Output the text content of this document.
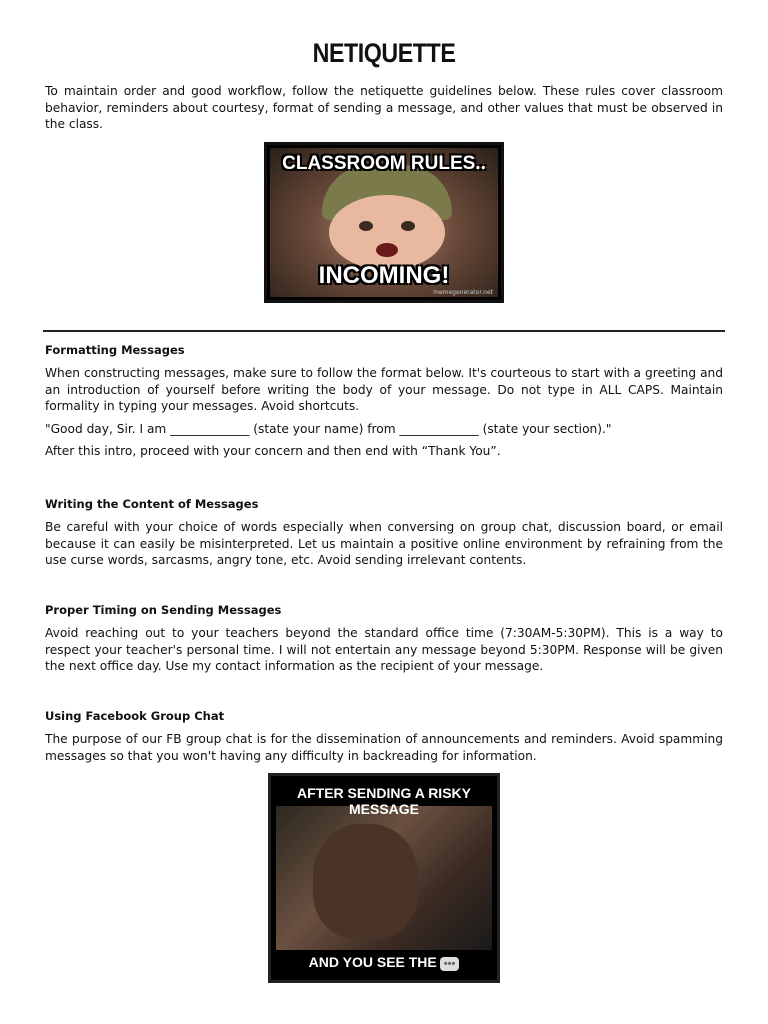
NETIQUETTE

To maintain order and good workflow, follow the netiquette guidelines below. These rules cover classroom behavior, reminders about courtesy, format of sending a message, and other values that must be observed in the class.

CLASSROOM RULES..
INCOMING!
memegenerator.net
Formatting Messages

When constructing messages, make sure to follow the format below. It's courteous to start with a greeting and an introduction of yourself before writing the body of your message. Do not type in ALL CAPS. Maintain formality in typing your messages. Avoid shortcuts.

"Good day, Sir. I am _____________ (state your name) from _____________ (state your section)."

After this intro, proceed with your concern and then end with “Thank You”.

Writing the Content of Messages

Be careful with your choice of words especially when conversing on group chat, discussion board, or email because it can easily be misinterpreted. Let us maintain a positive online environment by refraining from the use curse words, sarcasms, angry tone, etc. Avoid sending irrelevant contents.

Proper Timing on Sending Messages

Avoid reaching out to your teachers beyond the standard office time (7:30AM-5:30PM). This is a way to respect your teacher's personal time. I will not entertain any message beyond 5:30PM. Response will be given the next office day. Use my contact information as the recipient of your message.

Using Facebook Group Chat

The purpose of our FB group chat is for the dissemination of announcements and reminders. Avoid spamming messages so that you won't having any difficulty in backreading for information.

AFTER SENDING A RISKY MESSAGE
AND YOU SEE THE •••
